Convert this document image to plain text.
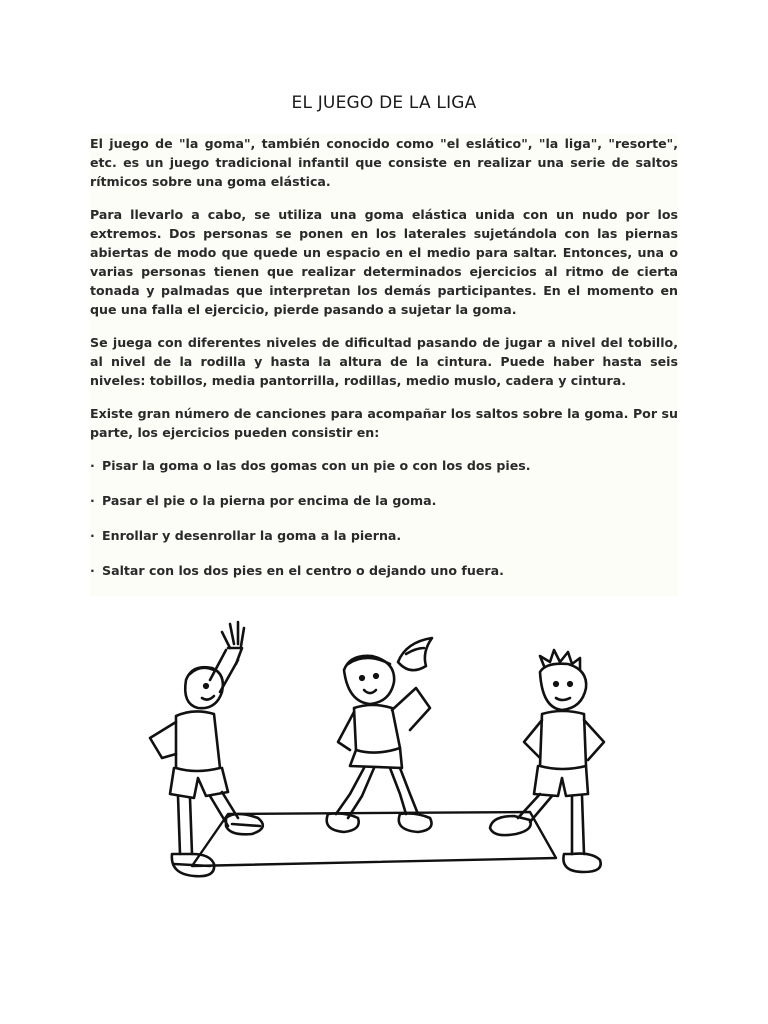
EL JUEGO DE LA LIGA

El juego de "la goma", también conocido como "el eslático", "la liga", "resorte", etc. es un juego tradicional infantil que consiste en realizar una serie de saltos rítmicos sobre una goma elástica.

Para llevarlo a cabo, se utiliza una goma elástica unida con un nudo por los extremos. Dos personas se ponen en los laterales sujetándola con las piernas abiertas de modo que quede un espacio en el medio para saltar. Entonces, una o varias personas tienen que realizar determinados ejercicios al ritmo de cierta tonada y palmadas que interpretan los demás participantes. En el momento en que una falla el ejercicio, pierde pasando a sujetar la goma.

Se juega con diferentes niveles de dificultad pasando de jugar a nivel del tobillo, al nivel de la rodilla y hasta la altura de la cintura. Puede haber hasta seis niveles: tobillos, media pantorrilla, rodillas, medio muslo, cadera y cintura.

Existe gran número de canciones para acompañar los saltos sobre la goma. Por su parte, los ejercicios pueden consistir en:

· Pisar la goma o las dos gomas con un pie o con los dos pies.
· Pasar el pie o la pierna por encima de la goma.
· Enrollar y desenrollar la goma a la pierna.
· Saltar con los dos pies en el centro o dejando uno fuera.
